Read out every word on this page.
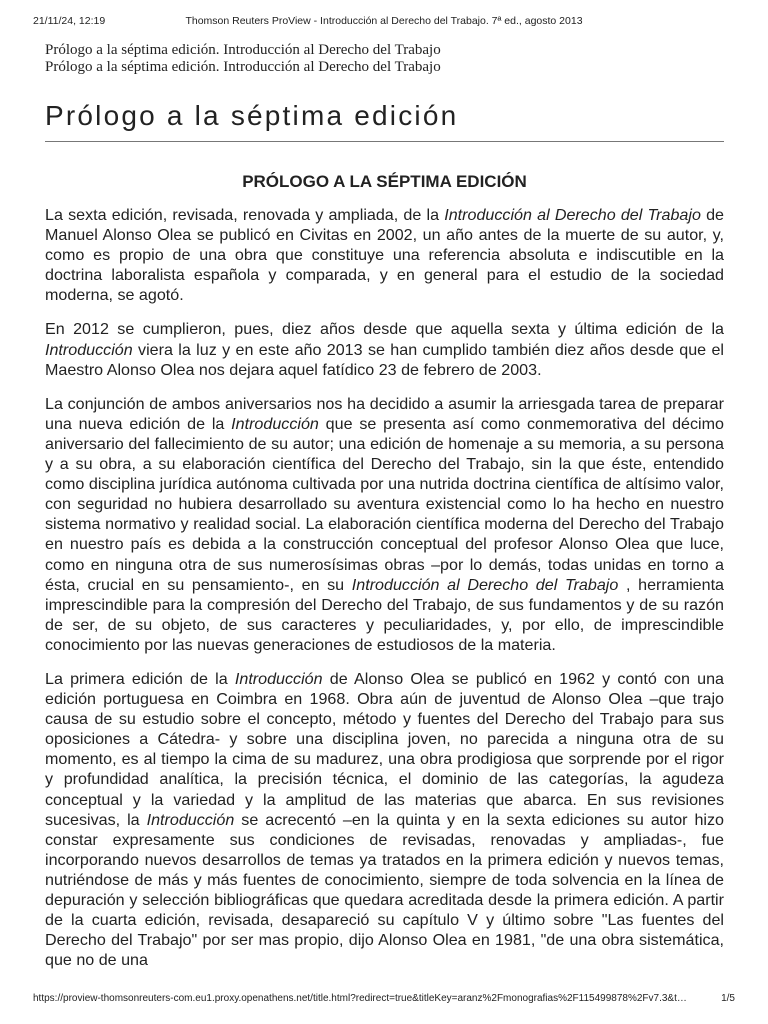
21/11/24, 12:19	Thomson Reuters ProView - Introducción al Derecho del Trabajo. 7ª ed., agosto 2013
Prólogo a la séptima edición. Introducción al Derecho del Trabajo
Prólogo a la séptima edición. Introducción al Derecho del Trabajo
Prólogo a la séptima edición
PRÓLOGO A LA SÉPTIMA EDICIÓN

La sexta edición, revisada, renovada y ampliada, de la Introducción al Derecho del Trabajo de Manuel Alonso Olea se publicó en Civitas en 2002, un año antes de la muerte de su autor, y, como es propio de una obra que constituye una referencia absoluta e indiscutible en la doctrina laboralista española y comparada, y en general para el estudio de la sociedad moderna, se agotó.

En 2012 se cumplieron, pues, diez años desde que aquella sexta y última edición de la Introducción viera la luz y en este año 2013 se han cumplido también diez años desde que el Maestro Alonso Olea nos dejara aquel fatídico 23 de febrero de 2003.

La conjunción de ambos aniversarios nos ha decidido a asumir la arriesgada tarea de preparar una nueva edición de la Introducción que se presenta así como conmemorativa del décimo aniversario del fallecimiento de su autor; una edición de homenaje a su memoria, a su persona y a su obra, a su elaboración científica del Derecho del Trabajo, sin la que éste, entendido como disciplina jurídica autónoma cultivada por una nutrida doctrina científica de altísimo valor, con seguridad no hubiera desarrollado su aventura existencial como lo ha hecho en nuestro sistema normativo y realidad social. La elaboración científica moderna del Derecho del Trabajo en nuestro país es debida a la construcción conceptual del profesor Alonso Olea que luce, como en ninguna otra de sus numerosísimas obras –por lo demás, todas unidas en torno a ésta, crucial en su pensamiento-, en su Introducción al Derecho del Trabajo , herramienta imprescindible para la compresión del Derecho del Trabajo, de sus fundamentos y de su razón de ser, de su objeto, de sus caracteres y peculiaridades, y, por ello, de imprescindible conocimiento por las nuevas generaciones de estudiosos de la materia.

La primera edición de la Introducción de Alonso Olea se publicó en 1962 y contó con una edición portuguesa en Coimbra en 1968. Obra aún de juventud de Alonso Olea –que trajo causa de su estudio sobre el concepto, método y fuentes del Derecho del Trabajo para sus oposiciones a Cátedra- y sobre una disciplina joven, no parecida a ninguna otra de su momento, es al tiempo la cima de su madurez, una obra prodigiosa que sorprende por el rigor y profundidad analítica, la precisión técnica, el dominio de las categorías, la agudeza conceptual y la variedad y la amplitud de las materias que abarca. En sus revisiones sucesivas, la Introducción se acrecentó –en la quinta y en la sexta ediciones su autor hizo constar expresamente sus condiciones de revisadas, renovadas y ampliadas-, fue incorporando nuevos desarrollos de temas ya tratados en la primera edición y nuevos temas, nutriéndose de más y más fuentes de conocimiento, siempre de toda solvencia en la línea de depuración y selección bibliográficas que quedara acreditada desde la primera edición. A partir de la cuarta edición, revisada, desapareció su capítulo V y último sobre "Las fuentes del Derecho del Trabajo" por ser mas propio, dijo Alonso Olea en 1981, "de una obra sistemática, que no de una

https://proview-thomsonreuters-com.eu1.proxy.openathens.net/title.html?redirect=true&titleKey=aranz%2Fmonografias%2F115499878%2Fv7.3&t…	1/5
